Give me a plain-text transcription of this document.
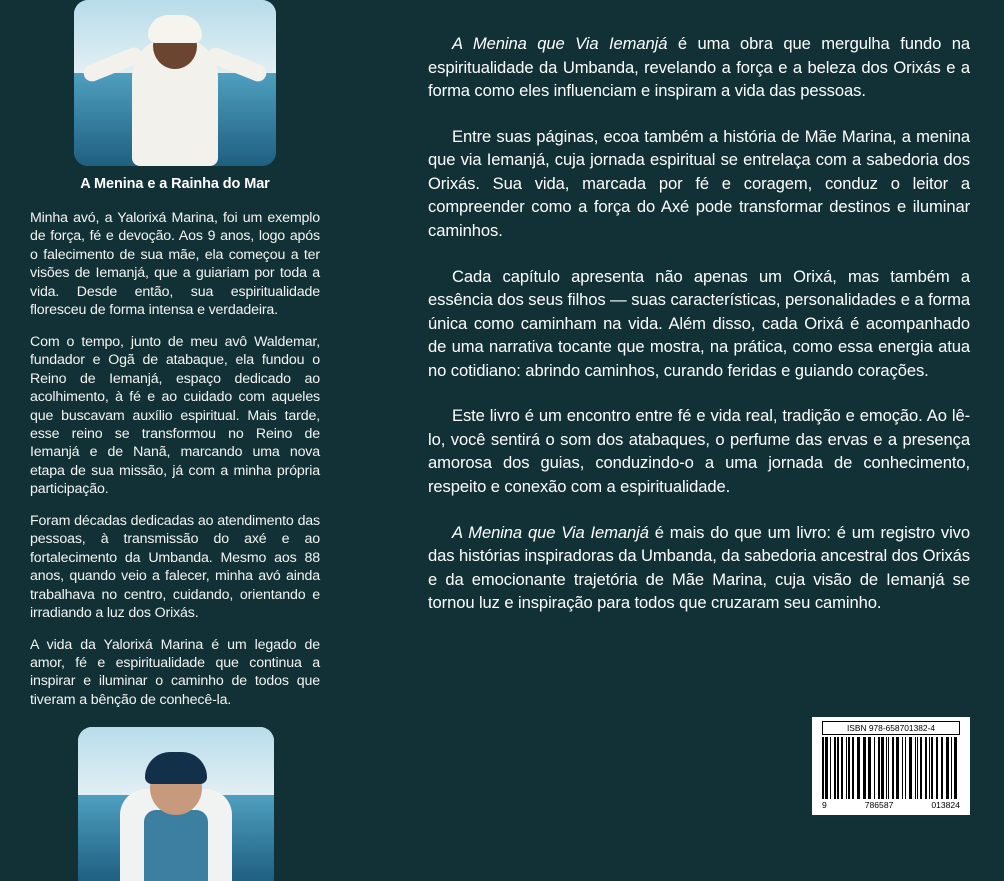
A Menina e a Rainha do Mar

Minha avó, a Yalorixá Marina, foi um exemplo de força, fé e devoção. Aos 9 anos, logo após o falecimento de sua mãe, ela começou a ter visões de Iemanjá, que a guiariam por toda a vida. Desde então, sua espiritualidade floresceu de forma intensa e verdadeira.

Com o tempo, junto de meu avô Waldemar, fundador e Ogã de atabaque, ela fundou o Reino de Iemanjá, espaço dedicado ao acolhimento, à fé e ao cuidado com aqueles que buscavam auxílio espiritual. Mais tarde, esse reino se transformou no Reino de Iemanjá e de Nanã, marcando uma nova etapa de sua missão, já com a minha própria participação.

Foram décadas dedicadas ao atendimento das pessoas, à transmissão do axé e ao fortalecimento da Umbanda. Mesmo aos 88 anos, quando veio a falecer, minha avó ainda trabalhava no centro, cuidando, orientando e irradiando a luz dos Orixás.

A vida da Yalorixá Marina é um legado de amor, fé e espiritualidade que continua a inspirar e iluminar o caminho de todos que tiveram a bênção de conhecê-la.

A Menina que Via Iemanjá é uma obra que mergulha fundo na espiritualidade da Umbanda, revelando a força e a beleza dos Orixás e a forma como eles influenciam e inspiram a vida das pessoas.

Entre suas páginas, ecoa também a história de Mãe Marina, a menina que via Iemanjá, cuja jornada espiritual se entrelaça com a sabedoria dos Orixás. Sua vida, marcada por fé e coragem, conduz o leitor a compreender como a força do Axé pode transformar destinos e iluminar caminhos.

Cada capítulo apresenta não apenas um Orixá, mas também a essência dos seus filhos — suas características, personalidades e a forma única como caminham na vida. Além disso, cada Orixá é acompanhado de uma narrativa tocante que mostra, na prática, como essa energia atua no cotidiano: abrindo caminhos, curando feridas e guiando corações.

Este livro é um encontro entre fé e vida real, tradição e emoção. Ao lê-lo, você sentirá o som dos atabaques, o perfume das ervas e a presença amorosa dos guias, conduzindo-o a uma jornada de conhecimento, respeito e conexão com a espiritualidade.

A Menina que Via Iemanjá é mais do que um livro: é um registro vivo das histórias inspiradoras da Umbanda, da sabedoria ancestral dos Orixás e da emocionante trajetória de Mãe Marina, cuja visão de Iemanjá se tornou luz e inspiração para todos que cruzaram seu caminho.

ISBN 978-658701382-4
9	786587	013824
